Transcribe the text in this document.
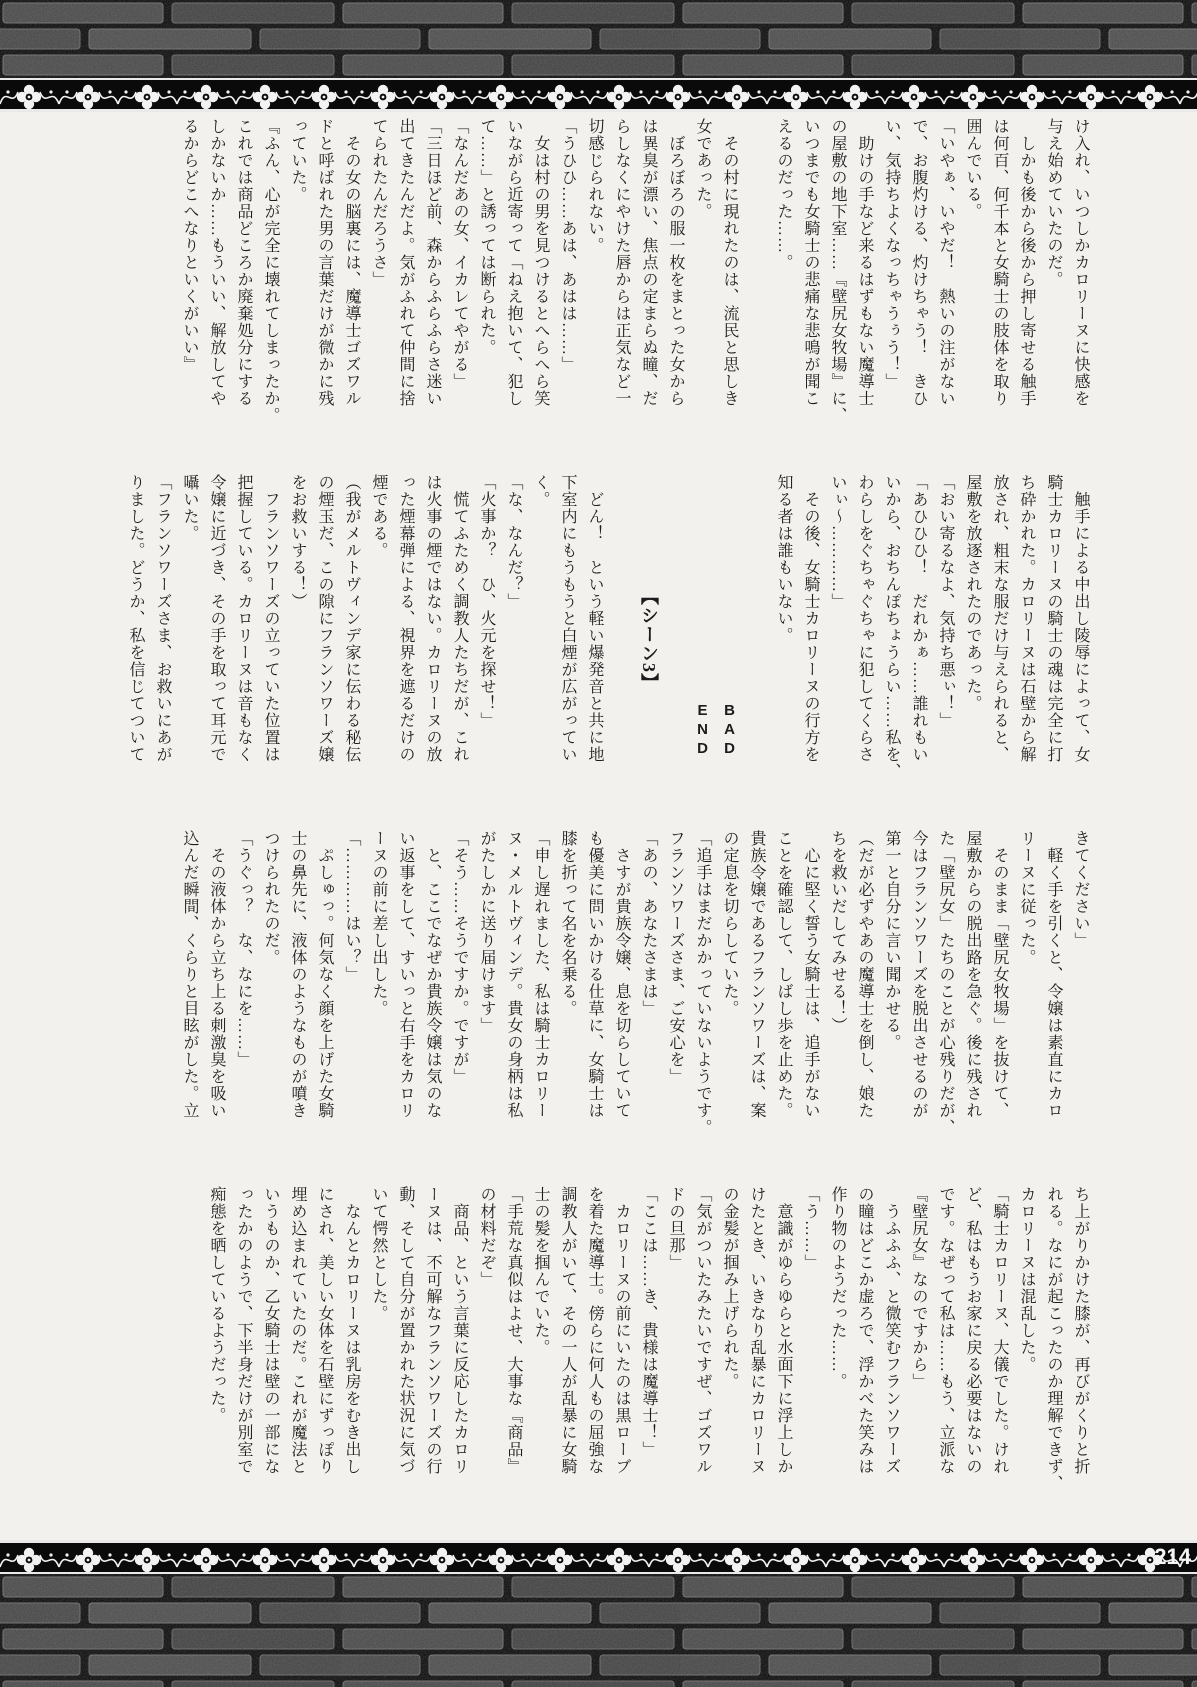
け入れ、いつしかカロリーヌに快感を
与え始めていたのだ。
　しかも後から後から押し寄せる触手
は何百、何千本と女騎士の肢体を取り
囲んでいる。
「いやぁ、いやだ！　熱いの注がない
で、お腹灼ける、灼けちゃう！　きひ
い、気持ちよくなっちゃうぅう！」
　助けの手など来るはずもない魔導士
の屋敷の地下室……『壁尻女牧場』に、
いつまでも女騎士の悲痛な悲鳴が聞こ
えるのだった……。

　その村に現れたのは、流民と思しき
女であった。
　ぼろぼろの服一枚をまとった女から
は異臭が漂い、焦点の定まらぬ瞳、だ
らしなくにやけた唇からは正気など一
切感じられない。
「うひひ……あは、あはは……」
　女は村の男を見つけるとへらへら笑
いながら近寄って「ねえ抱いて、犯し
て……」と誘っては断られた。
「なんだあの女、イカレてやがる」
「三日ほど前、森からふらふらさ迷い
出てきたんだよ。気がふれて仲間に捨
てられたんだろうさ」
　その女の脳裏には、魔導士ゴズワル
ドと呼ばれた男の言葉だけが微かに残
っていた。
『ふん、心が完全に壊れてしまったか。
これでは商品どころか廃棄処分にする
しかないか……もういい、解放してや
るからどこへなりといくがいい』
　触手による中出し陵辱によって、女
騎士カロリーヌの騎士の魂は完全に打
ち砕かれた。カロリーヌは石壁から解
放され、粗末な服だけ与えられると、
屋敷を放逐されたのであった。
「おい寄るなよ、気持ち悪ぃ！」
「あひひひ！　だれかぁ……誰れもい
いから、おちんぽちょうらい……私を、
わらしをぐちゃぐちゃに犯してくらさ
いぃ～…………」
　その後、女騎士カロリーヌの行方を
知る者は誰もいない。

BAD END

【シーン3】

　どん！　という軽い爆発音と共に地
下室内にもうもうと白煙が広がってい
く。
「な、なんだ？」
「火事か？　ひ、火元を探せ！」
　慌てふためく調教人たちだが、これ
は火事の煙ではない。カロリーヌの放
った煙幕弾による、視界を遮るだけの
煙である。
（我がメルトヴィンデ家に伝わる秘伝
の煙玉だ、この隙にフランソワーズ嬢
をお救いする！）
　フランソワーズの立っていた位置は
把握している。カロリーヌは音もなく
令嬢に近づき、その手を取って耳元で
囁いた。
「フランソワーズさま、お救いにあが
りました。どうか、私を信じてついて
きてください」
　軽く手を引くと、令嬢は素直にカロ
リーヌに従った。
　そのまま「壁尻女牧場」を抜けて、
屋敷からの脱出路を急ぐ。後に残され
た「壁尻女」たちのことが心残りだが、
今はフランソワーズを脱出させるのが
第一と自分に言い聞かせる。
（だが必ずやあの魔導士を倒し、娘た
ちを救いだしてみせる！）
　心に堅く誓う女騎士は、追手がない
ことを確認して、しばし歩を止めた。
貴族令嬢であるフランソワーズは、案
の定息を切らしていた。
「追手はまだかかっていないようです。
フランソワーズさま、ご安心を」
「あの、あなたさまは」
　さすが貴族令嬢、息を切らしていて
も優美に問いかける仕草に、女騎士は
膝を折って名を名乗る。
「申し遅れました、私は騎士カロリー
ヌ・メルトヴィンデ。貴女の身柄は私
がたしかに送り届けます」
「そう……そうですか。ですが」
　と、ここでなぜか貴族令嬢は気のな
い返事をして、すいっと右手をカロリ
ーヌの前に差し出した。
「…………はい？」
　ぷしゅっ。何気なく顔を上げた女騎
士の鼻先に、液体のようなものが噴き
つけられたのだ。
「うぐっ？　な、なにを……」
　その液体から立ち上る刺激臭を吸い
込んだ瞬間、くらりと目眩がした。立
ち上がりかけた膝が、再びがくりと折
れる。なにが起こったのか理解できず、
カロリーヌは混乱した。
「騎士カロリーヌ、大儀でした。けれ
ど、私はもうお家に戻る必要はないの
です。なぜって私は……もう、立派な
『壁尻女』なのですから」
　うふふふ、と微笑むフランソワーズ
の瞳はどこか虚ろで、浮かべた笑みは
作り物のようだった……。
「う……」
　意識がゆらゆらと水面下に浮上しか
けたとき、いきなり乱暴にカロリーヌ
の金髪が掴み上げられた。
「気がついたみたいですぜ、ゴズワル
ドの旦那」
「ここは……き、貴様は魔導士！」
　カロリーヌの前にいたのは黒ローブ
を着た魔導士。傍らに何人もの屈強な
調教人がいて、その一人が乱暴に女騎
士の髪を掴んでいた。
「手荒な真似はよせ、大事な『商品』
の材料だぞ」
　商品、という言葉に反応したカロリ
ーヌは、不可解なフランソワーズの行
動、そして自分が置かれた状況に気づ
いて愕然とした。
　なんとカロリーヌは乳房をむき出し
にされ、美しい女体を石壁にずっぽり
埋め込まれていたのだ。これが魔法と
いうものか、乙女騎士は壁の一部にな
ったかのようで、下半身だけが別室で
痴態を晒しているようだった。
214
